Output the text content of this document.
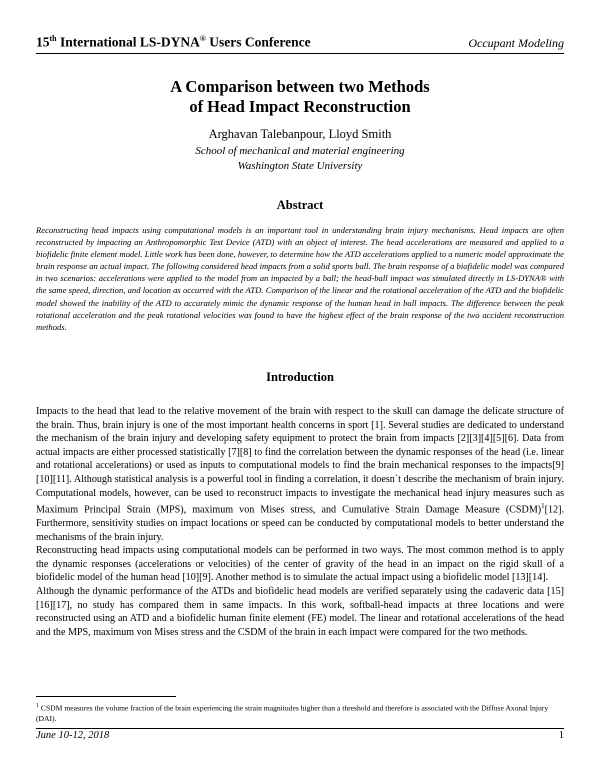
15th International LS-DYNA® Users Conference	Occupant Modeling
A Comparison between two Methods
of Head Impact Reconstruction
Arghavan Talebanpour, Lloyd Smith
School of mechanical and material engineering
Washington State University
Abstract
Reconstructing head impacts using computational models is an important tool in understanding brain injury mechanisms. Head impacts are often reconstructed by impacting an Anthropomorphic Test Device (ATD) with an object of interest. The head accelerations are measured and applied to a biofidelic finite element model. Little work has been done, however, to determine how the ATD accelerations applied to a numeric model approximate the brain response an actual impact. The following considered head impacts from a solid sports ball. The brain response of a biofidelic model was compared in two scenarios: accelerations were applied to the model from an impacted by a ball; the head-ball impact was simulated directly in LS-DYNA® with the same speed, direction, and location as occurred with the ATD. Comparison of the linear and the rotational acceleration of the ATD and the biofidelic model showed the inability of the ATD to accurately mimic the dynamic response of the human head in ball impacts. The difference between the peak rotational acceleration and the peak rotational velocities was found to have the highest effect of the brain response of the two accident reconstruction methods.
Introduction

Impacts to the head that lead to the relative movement of the brain with respect to the skull can damage the delicate structure of the brain. Thus, brain injury is one of the most important health concerns in sport [1]. Several studies are dedicated to understand the mechanism of the brain injury and developing safety equipment to protect the brain from impacts [2][3][4][5][6]. Data from actual impacts are either processed statistically [7][8] to find the correlation between the dynamic responses of the head (i.e. linear and rotational accelerations) or used as inputs to computational models to find the brain mechanical responses to the impacts[9][10][11]. Although statistical analysis is a powerful tool in finding a correlation, it doesn`t describe the mechanism of brain injury. Computational models, however, can be used to reconstruct impacts to investigate the mechanical head injury measures such as Maximum Principal Strain (MPS), maximum von Mises stress, and Cumulative Strain Damage Measure (CSDM)$^1$[12]. Furthermore, sensitivity studies on impact locations or speed can be conducted by computational models to better understand the mechanisms of the brain injury.

Reconstructing head impacts using computational models can be performed in two ways. The most common method is to apply the dynamic responses (accelerations or velocities) of the center of gravity of the head in an impact on the rigid skull of a biofidelic model of the human head [10][9]. Another method is to simulate the actual impact using a biofidelic model [13][14].

Although the dynamic performance of the ATDs and biofidelic head models are verified separately using the cadaveric data [15][16][17], no study has compared them in same impacts. In this work, softball-head impacts at three locations and were reconstructed using an ATD and a biofidelic human finite element (FE) model. The linear and rotational accelerations of the head and the MPS, maximum von Mises stress and the CSDM of the brain in each impact were compared for the two methods.

$^1$ CSDM measures the volume fraction of the brain experiencing the strain magnitudes higher than a threshold and therefore is associated with the Diffuse Axonal Injury (DAI).
June 10-12, 2018	1
